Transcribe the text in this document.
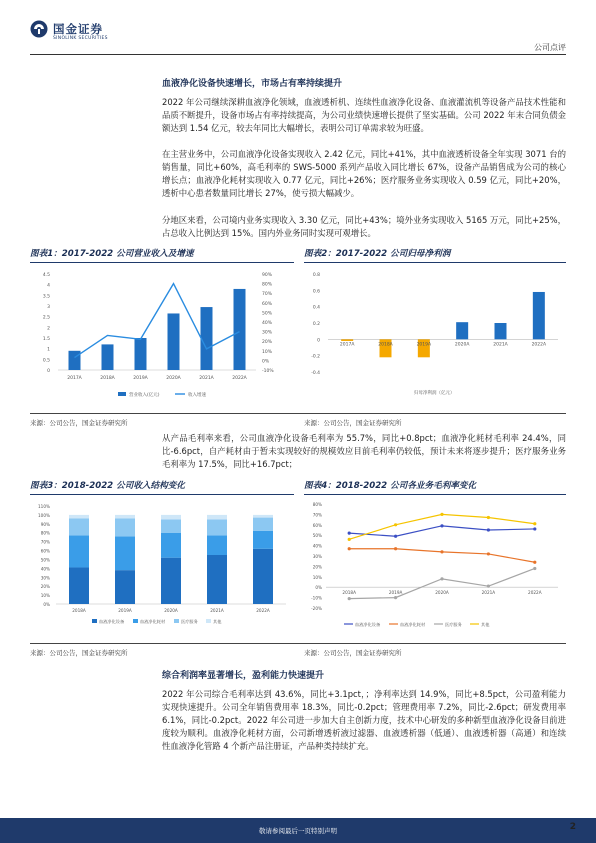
国金证券
SINOLINK SECURITIES
公司点评
血液净化设备快速增长，市场占有率持续提升

2022 年公司继续深耕血液净化领域，血液透析机、连续性血液净化设备、血液灌流机等设备产品技术性能和品质不断提升，设备市场占有率持续提高，为公司业绩快速增长提供了坚实基础。公司 2022 年末合同负债金额达到 1.54 亿元，较去年同比大幅增长，表明公司订单需求较为旺盛。

在主营业务中，公司血液净化设备实现收入 2.42 亿元，同比+41%，其中血液透析设备全年实现 3071 台的销售量，同比+60%，高毛利率的 SWS-5000 系列产品收入同比增长 67%，设备产品销售成为公司的核心增长点；血液净化耗材实现收入 0.77 亿元，同比+26%；医疗服务业务实现收入 0.59 亿元，同比+20%，透析中心患者数量同比增长 27%，使亏损大幅减少。

分地区来看，公司境内业务实现收入 3.30 亿元，同比+43%；境外业务实现收入 5165 万元，同比+25%，占总收入比例达到 15%。国内外业务同时实现可观增长。

图表1：2017-2022 公司营业收入及增速
4.5
4
3.5
3
2.5
2
1.5
1
0.5
0
90%
80%
70%
60%
50%
40%
30%
20%
10%
0%
-10%
2017A	2018A	2019A	2020A	2021A	2022A
营业收入(亿元)	收入增速
来源：公司公告，国金证券研究所
图表2：2017-2022 公司归母净利润
0.8
0.6
0.4
0.2
0
-0.2
-0.4
2017A	2018A	2019A	2020A	2021A	2022A
归母净利润（亿元）
来源：公司公告，国金证券研究所

从产品毛利率来看，公司血液净化设备毛利率为 55.7%，同比+0.8pct；血液净化耗材毛利率 24.4%，同比-6.6pct，自产耗材由于暂未实现较好的规模效应目前毛利率仍较低，预计未来将逐步提升；医疗服务业务毛利率为 17.5%，同比+16.7pct；

图表3：2018-2022 公司收入结构变化
110%
100%
90%
80%
70%
60%
50%
40%
30%
20%
10%
0%
2018A	2019A	2020A	2021A	2022A
血液净化设备	血液净化耗材	医疗服务	其他
来源：公司公告，国金证券研究所
图表4：2018-2022 公司各业务毛利率变化
80%
70%
60%
50%
40%
30%
20%
10%
0%
-10%
-20%
2018A	2019A	2020A	2021A	2022A
血液净化设备	血液净化耗材	医疗服务	其他
来源：公司公告，国金证券研究所
综合利润率显著增长，盈利能力快速提升

2022 年公司综合毛利率达到 43.6%，同比+3.1pct，；净利率达到 14.9%，同比+8.5pct，公司盈利能力实现快速提升。公司全年销售费用率 18.3%，同比-0.2pct；管理费用率 7.2%，同比-2.6pct；研发费用率 6.1%，同比-0.2pct。2022 年公司进一步加大自主创新力度，技术中心研发的多种新型血液净化设备目前进度较为顺利。血液净化耗材方面，公司新增透析液过滤器、血液透析器（低通）、血液透析器（高通）和连续性血液净化管路 4 个新产品注册证，产品种类持续扩充。

敬请参阅最后一页特别声明	2
